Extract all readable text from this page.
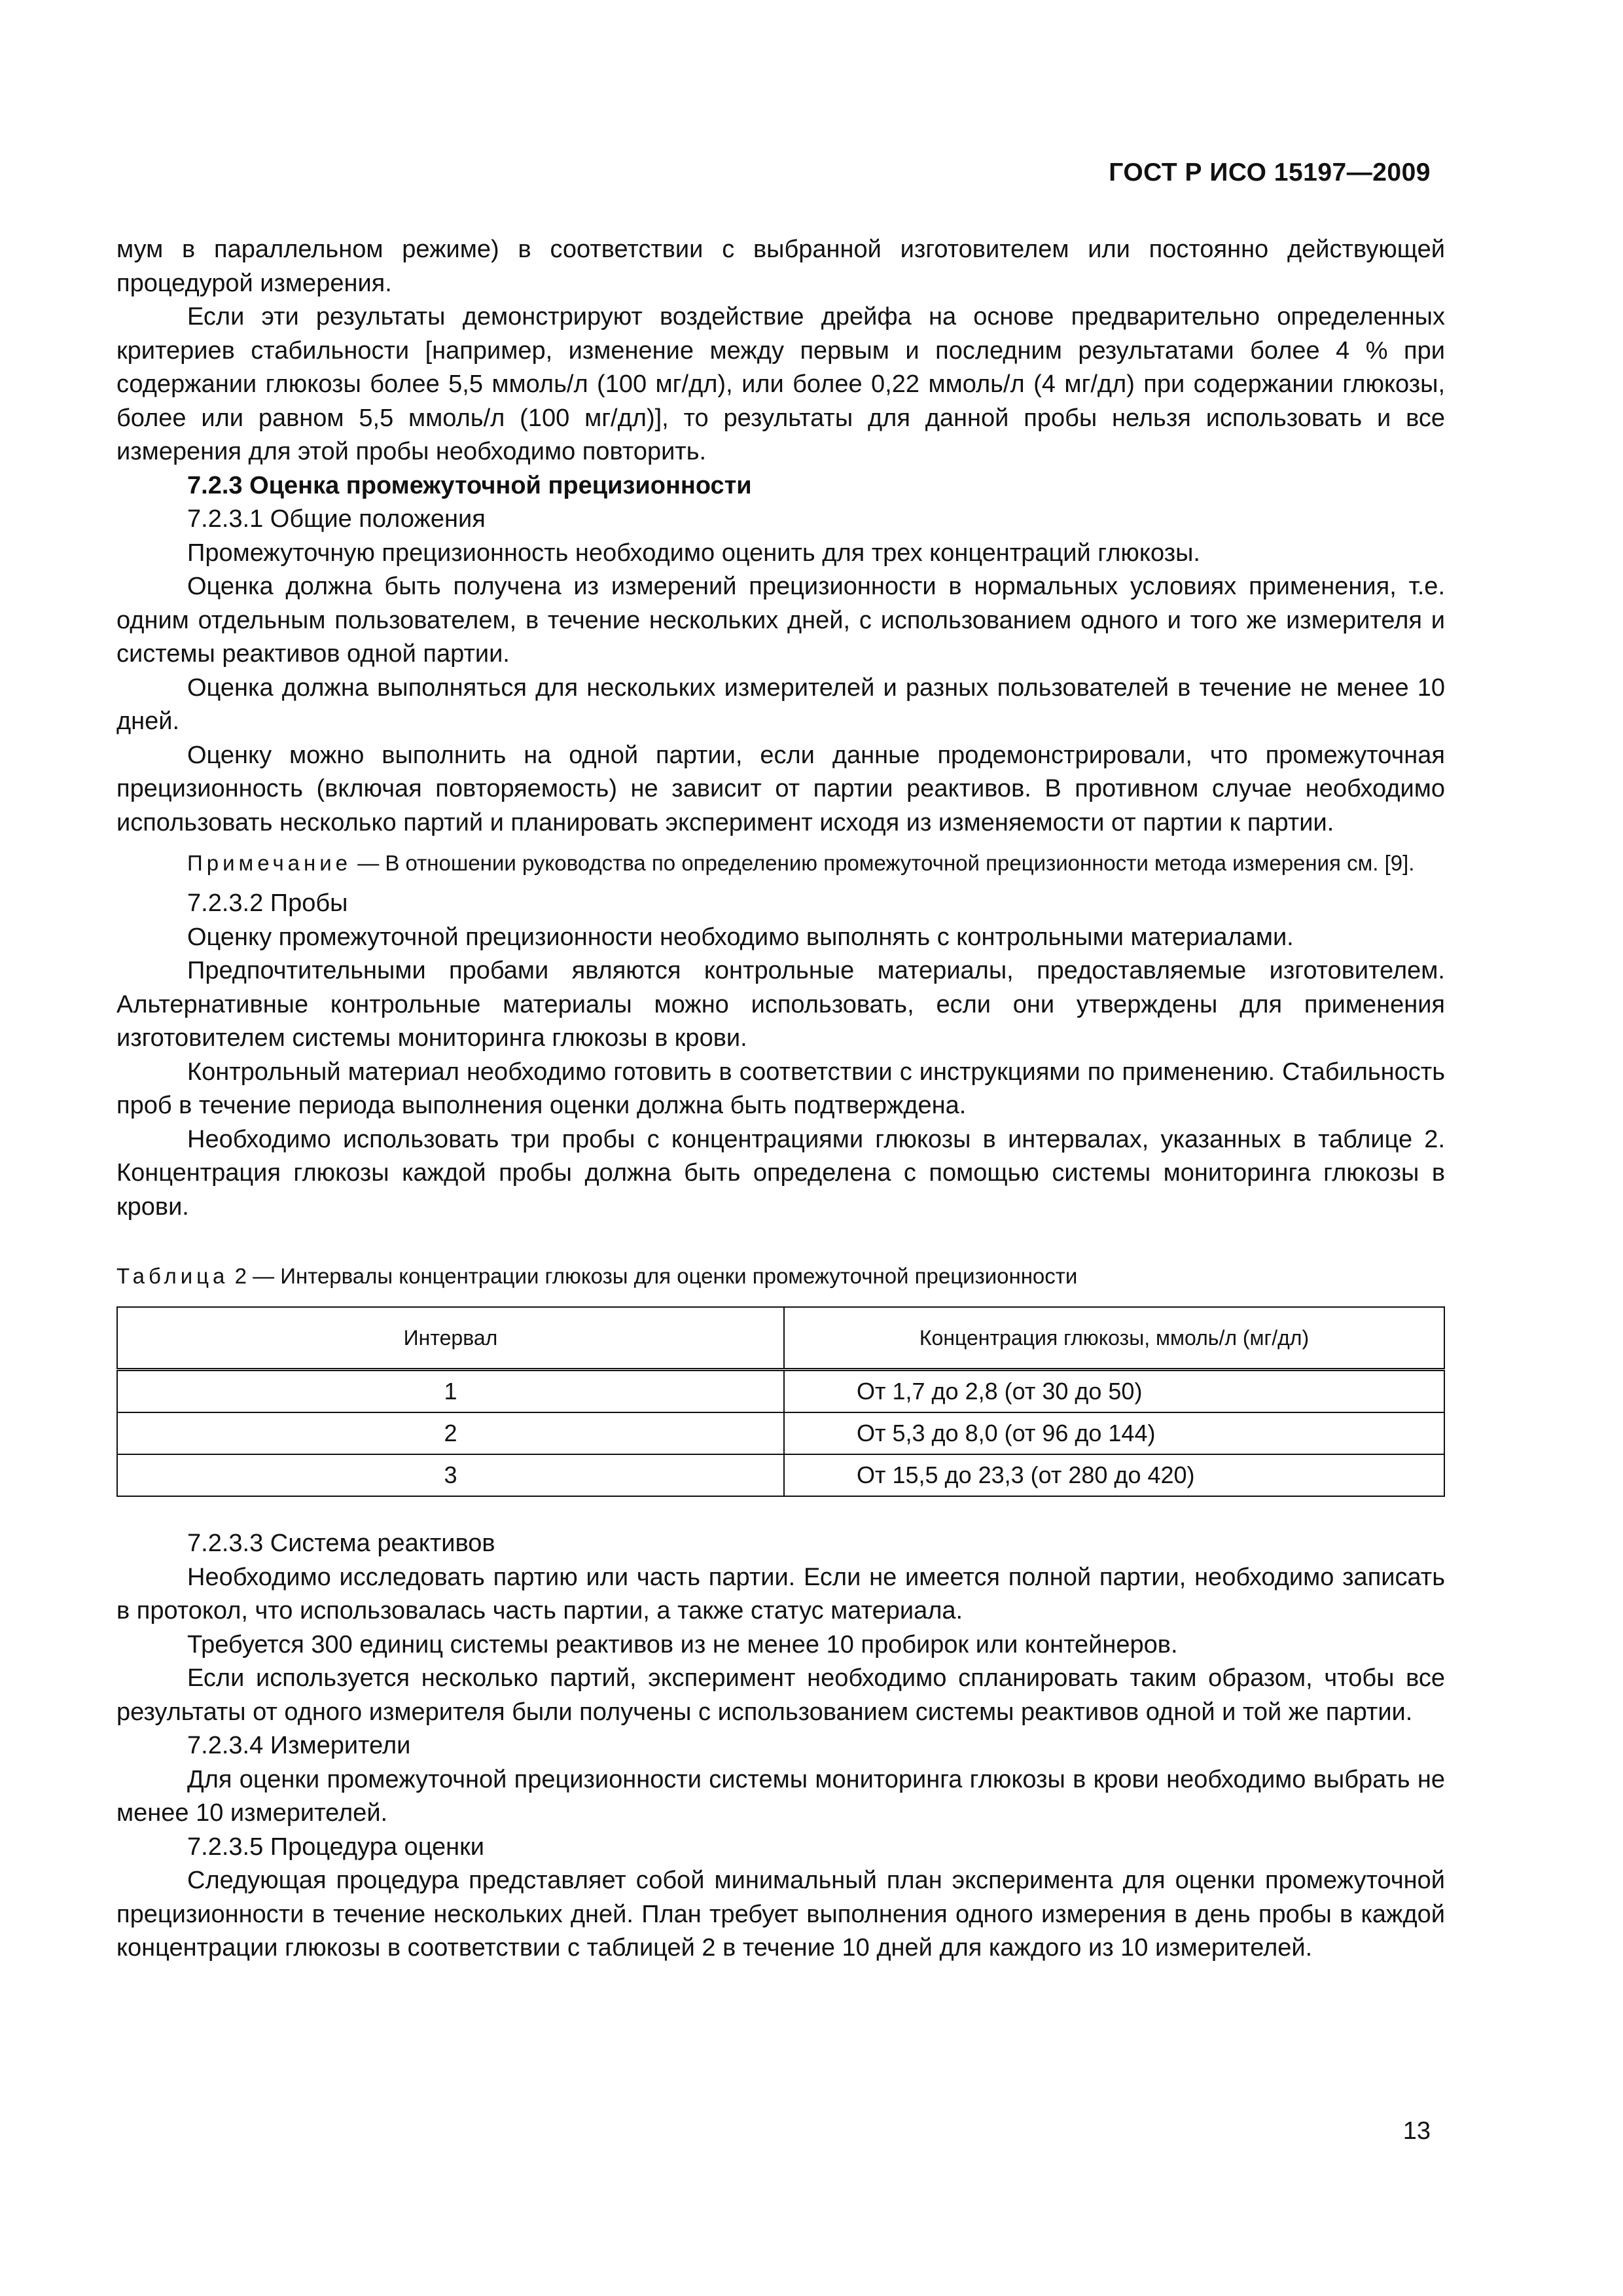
ГОСТ Р ИСО 15197—2009

мум в параллельном режиме) в соответствии с выбранной изготовителем или постоянно действующей процедурой измерения.

Если эти результаты демонстрируют воздействие дрейфа на основе предварительно определенных критериев стабильности [например, изменение между первым и последним результатами более 4 % при содержании глюкозы более 5,5 ммоль/л (100 мг/дл), или более 0,22 ммоль/л (4 мг/дл) при содержании глюкозы, более или равном 5,5 ммоль/л (100 мг/дл)], то результаты для данной пробы нельзя использовать и все измерения для этой пробы необходимо повторить.

7.2.3 Оценка промежуточной прецизионности

7.2.3.1 Общие положения

Промежуточную прецизионность необходимо оценить для трех концентраций глюкозы.

Оценка должна быть получена из измерений прецизионности в нормальных условиях применения, т.е. одним отдельным пользователем, в течение нескольких дней, с использованием одного и того же измерителя и системы реактивов одной партии.

Оценка должна выполняться для нескольких измерителей и разных пользователей в течение не менее 10 дней.

Оценку можно выполнить на одной партии, если данные продемонстрировали, что промежуточная прецизионность (включая повторяемость) не зависит от партии реактивов. В противном случае необходимо использовать несколько партий и планировать эксперимент исходя из изменяемости от партии к партии.

Примечание — В отношении руководства по определению промежуточной прецизионности метода измерения см. [9].

7.2.3.2 Пробы

Оценку промежуточной прецизионности необходимо выполнять с контрольными материалами.

Предпочтительными пробами являются контрольные материалы, предоставляемые изготовителем. Альтернативные контрольные материалы можно использовать, если они утверждены для применения изготовителем системы мониторинга глюкозы в крови.

Контрольный материал необходимо готовить в соответствии с инструкциями по применению. Стабильность проб в течение периода выполнения оценки должна быть подтверждена.

Необходимо использовать три пробы с концентрациями глюкозы в интервалах, указанных в таблице 2. Концентрация глюкозы каждой пробы должна быть определена с помощью системы мониторинга глюкозы в крови.

Таблица 2 — Интервалы концентрации глюкозы для оценки промежуточной прецизионности
Интервал	Концентрация глюкозы, ммоль/л (мг/дл)
1	От 1,7 до 2,8 (от 30 до 50)
2	От 5,3 до 8,0 (от 96 до 144)
3	От 15,5 до 23,3 (от 280 до 420)

7.2.3.3 Система реактивов

Необходимо исследовать партию или часть партии. Если не имеется полной партии, необходимо записать в протокол, что использовалась часть партии, а также статус материала.

Требуется 300 единиц системы реактивов из не менее 10 пробирок или контейнеров.

Если используется несколько партий, эксперимент необходимо спланировать таким образом, чтобы все результаты от одного измерителя были получены с использованием системы реактивов одной и той же партии.

7.2.3.4 Измерители

Для оценки промежуточной прецизионности системы мониторинга глюкозы в крови необходимо выбрать не менее 10 измерителей.

7.2.3.5 Процедура оценки

Следующая процедура представляет собой минимальный план эксперимента для оценки промежуточной прецизионности в течение нескольких дней. План требует выполнения одного измерения в день пробы в каждой концентрации глюкозы в соответствии с таблицей 2 в течение 10 дней для каждого из 10 измерителей.

13
